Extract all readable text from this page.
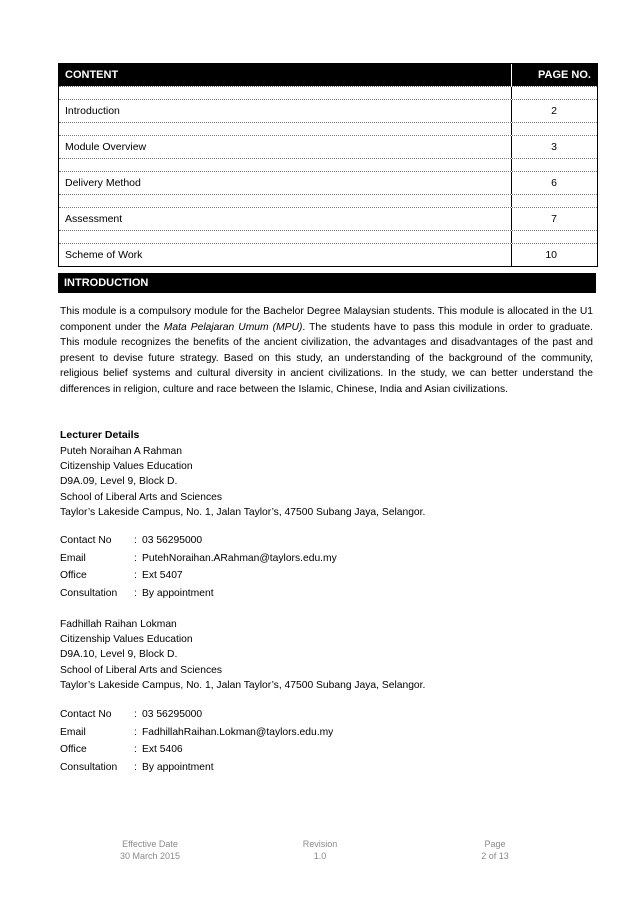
CONTENT	PAGE NO.
Introduction	2
Module Overview	3
Delivery Method	6
Assessment	7
Scheme of Work	10
INTRODUCTION
This module is a compulsory module for the Bachelor Degree Malaysian students. This module is allocated in the U1 component under the Mata Pelajaran Umum (MPU). The students have to pass this module in order to graduate. This module recognizes the benefits of the ancient civilization, the advantages and disadvantages of the past and present to devise future strategy. Based on this study, an understanding of the background of the community, religious belief systems and cultural diversity in ancient civilizations. In the study, we can better understand the differences in religion, culture and race between the Islamic, Chinese, India and Asian civilizations.
Lecturer Details
Puteh Noraihan A Rahman
Citizenship Values Education
D9A.09, Level 9, Block D.
School of Liberal Arts and Sciences
Taylor’s Lakeside Campus, No. 1, Jalan Taylor’s, 47500 Subang Jaya, Selangor.
Contact No	: 03 56295000
Email	: PutehNoraihan.ARahman@taylors.edu.my
Office	: Ext 5407
Consultation	: By appointment
Fadhillah Raihan Lokman
Citizenship Values Education
D9A.10, Level 9, Block D.
School of Liberal Arts and Sciences
Taylor’s Lakeside Campus, No. 1, Jalan Taylor’s, 47500 Subang Jaya, Selangor.
Contact No	: 03 56295000
Email	: FadhillahRaihan.Lokman@taylors.edu.my
Office	: Ext 5406
Consultation	: By appointment
Effective Date
30 March 2015
Revision
1.0
Page
2 of 13
